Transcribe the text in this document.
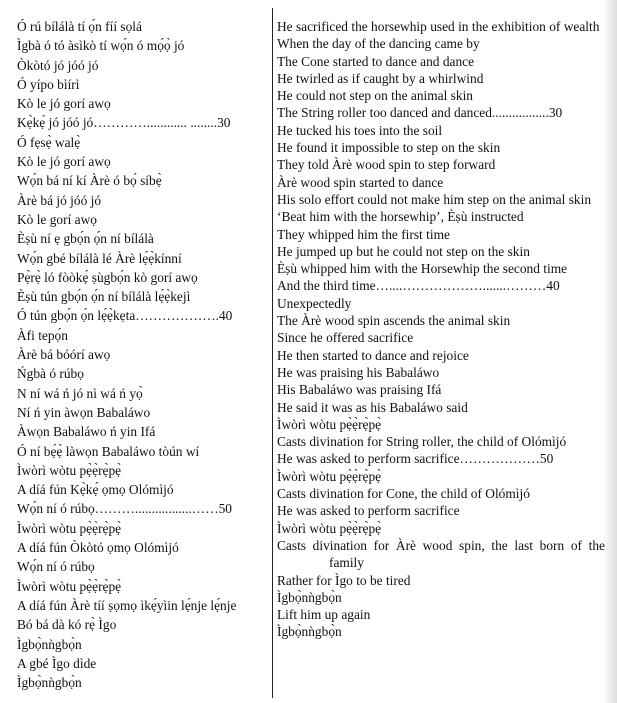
Ó rú bílálà tí ọ́n fíí sọlá
Ìgbà ó tó àsìkò tí wọ́n ó mọ́ọ̀ jó
Òkòtó jó jóó jó
Ó yípo bìírì
Kò le jó gorí awọ
Kẹ̀kẹ́ jó jóó jó…………............ ........30
Ó fẹsẹ̀ walẹ̀
Kò le jó gorí awọ
Wọ́n bá ní kí Àrè ó bọ́ síbẹ̀
Àrè bá jó jóó jó
Kò le gorí awọ
Èṣù ní ẹ gbọ́n ọ́n ní bílálà
Wọ́n gbé bílálà lé Àrè lẹ́ẹ̀kínní
Pẹ̀rẹ̀ ló fòòkẹ́ ṣùgbọ́n kò gorí awọ
Èṣù tún gbọ́n ọ́n ní bílálà lẹ́ẹ̀kejì
Ó tún gbọ́n ọ́n lẹ́ẹ̀kẹta……………….40
Àfi tepọ́n
Àrè bá bóórí awọ
Ńgbà ó rúbọ
N ní wá ń jó nì wá ń yọ̀
Ní ń yin àwọn Babaláwo
Àwọn Babaláwo ń yin Ifá
Ó ní bẹ́ẹ̀ làwọn Babaláwo tòún wí
Ìwòrì wòtu pẹ̀ẹ̀rẹ̀pẹ̀
A díá fún Kẹ̀kẹ́ ọmọ Olómìjó
Wọ́n ní ó rúbọ……….................……50
Ìwòrì wòtu pẹ̀ẹ̀rẹ̀pẹ̀
A díá fún Òkòtó ọmọ Olómìjó
Wọ́n ní ó rúbọ
Ìwòrì wòtu pẹ̀ẹ̀rẹ̀pẹ̀
A díá fún Àrè tíí ṣọmọ ìkẹ́yìin lẹ́nje lẹ́nje
Bó bá dà kó rẹ̀ Ìgo
Ìgbọ̀nǹgbọ̀n
A gbé Ìgo dìde
Ìgbọ̀nǹgbọ̀n
He sacrificed the horsewhip used in the exhibition of wealth
When the day of the dancing came by
The Cone started to dance and dance
He twirled as if caught by a whirlwind
He could not step on the animal skin
The String roller too danced and danced.................30
He tucked his toes into the soil
He found it impossible to step on the skin
They told Àrè wood spin to step forward
Àrè wood spin started to dance
His solo effort could not make him step on the animal skin
‘Beat him with the horsewhip’, Èṣù instructed
They whipped him the first time
He jumped up but he could not step on the skin
Èṣù whipped him with the Horsewhip the second time
And the third time…....……………….......………40
Unexpectedly
The Àrè wood spin ascends the animal skin
Since he offered sacrifice
He then started to dance and rejoice
He was praising his Babaláwo
His Babaláwo was praising Ifá
He said it was as his Babaláwo said
Ìwòrì wòtu pẹ̀ẹ̀rẹ̀pẹ̀
Casts divination for String roller, the child of Olómìjó
He was asked to perform sacrifice………………50
Ìwòrì wòtu pẹ̀ẹ̀rẹ̀pẹ̀
Casts divination for Cone, the child of Olómìjó
He was asked to perform sacrifice
Ìwòrì wòtu pẹ̀ẹ̀rẹ̀pẹ̀
Casts divination for Àrè wood spin, the last born of the family
Rather for Ìgo to be tired
Ìgbọ̀nǹgbọ̀n
Lift him up again
Ìgbọ̀nǹgbọ̀n
